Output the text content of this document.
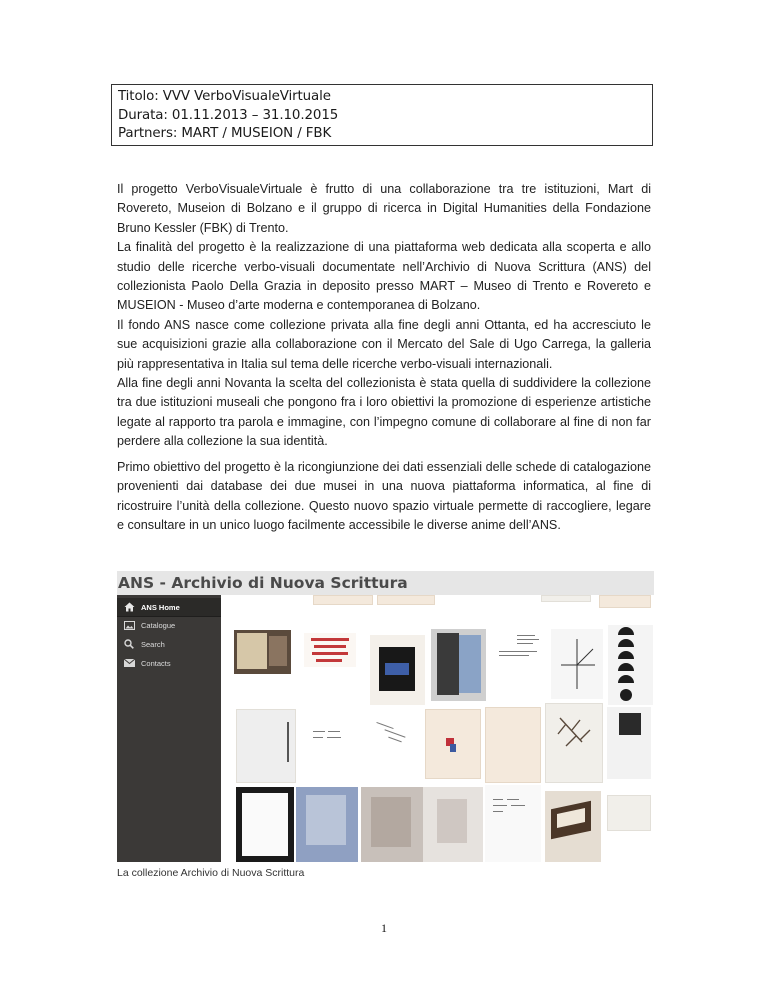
Titolo: VVV VerboVisualeVirtuale
Durata: 01.11.2013 – 31.10.2015
Partners: MART / MUSEION / FBK

Il progetto VerboVisualeVirtuale è frutto di una collaborazione tra tre istituzioni, Mart di Rovereto, Museion di Bolzano e il gruppo di ricerca in Digital Humanities della Fondazione Bruno Kessler (FBK) di Trento.

La finalità del progetto è la realizzazione di una piattaforma web dedicata alla scoperta e allo studio delle ricerche verbo-visuali documentate nell’Archivio di Nuova Scrittura (ANS) del collezionista Paolo Della Grazia in deposito presso MART – Museo di Trento e Rovereto e MUSEION - Museo d’arte moderna e contemporanea di Bolzano.

Il fondo ANS nasce come collezione privata alla fine degli anni Ottanta, ed ha accresciuto le sue acquisizioni grazie alla collaborazione con il Mercato del Sale di Ugo Carrega, la galleria più rappresentativa in Italia sul tema delle ricerche verbo-visuali internazionali.

Alla fine degli anni Novanta la scelta del collezionista è stata quella di suddividere la collezione tra due istituzioni museali che pongono fra i loro obiettivi la promozione di esperienze artistiche legate al rapporto tra parola e immagine, con l’impegno comune di collaborare al fine di non far perdere alla collezione la sua identità.

Primo obiettivo del progetto è la ricongiunzione dei dati essenziali delle schede di catalogazione provenienti dai database dei due musei in una nuova piattaforma informatica, al fine di ricostruire l’unità della collezione. Questo nuovo spazio virtuale permette di raccogliere, legare e consultare in un unico luogo facilmente accessibile le diverse anime dell’ANS.

ANS - Archivio di Nuova Scrittura
ANS Home
Catalogue
Search
Contacts
La collezione Archivio di Nuova Scrittura
1
